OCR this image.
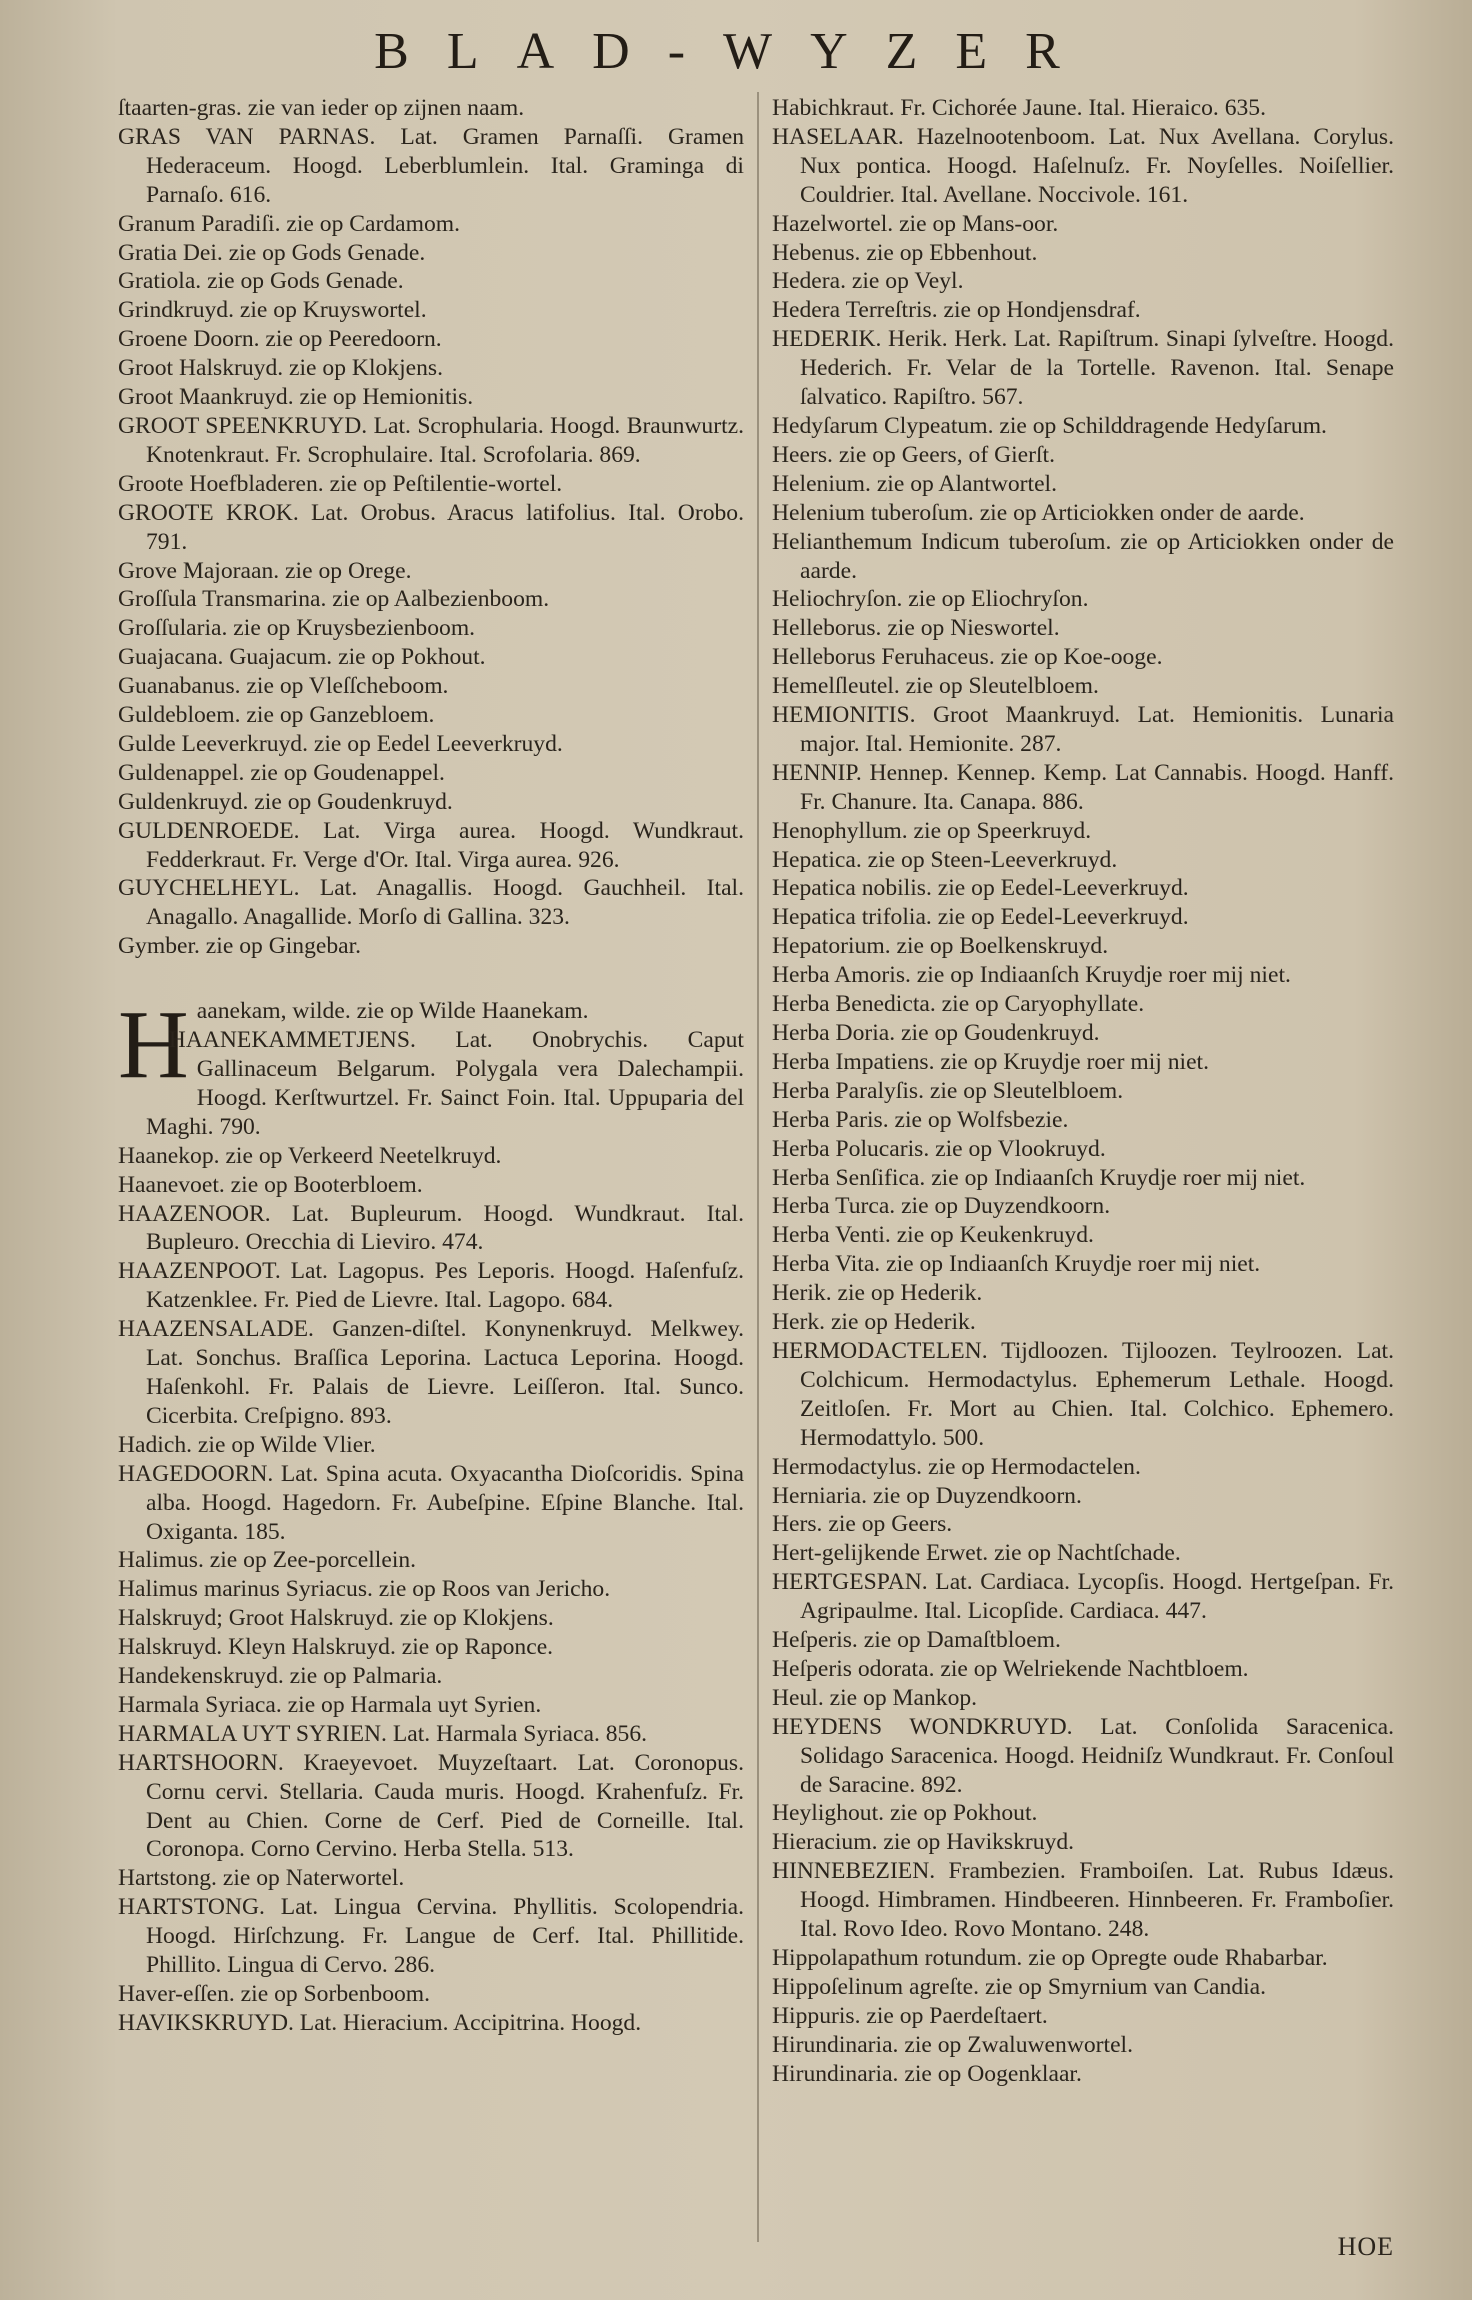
BLAD-WYZER

ſtaarten-gras. zie van ieder op zijnen naam.

GRAS VAN PARNAS. Lat. Gramen Parnaſſi. Gramen Hederaceum. Hoogd. Leberblumlein. Ital. Graminga di Parnaſo. 616.

Granum Paradiſi. zie op Cardamom.

Gratia Dei. zie op Gods Genade.

Gratiola. zie op Gods Genade.

Grindkruyd. zie op Kruyswortel.

Groene Doorn. zie op Peeredoorn.

Groot Halskruyd. zie op Klokjens.

Groot Maankruyd. zie op Hemionitis.

GROOT SPEENKRUYD. Lat. Scrophularia. Hoogd. Braunwurtz. Knotenkraut. Fr. Scrophulaire. Ital. Scrofolaria. 869.

Groote Hoefbladeren. zie op Peſtilentie-wortel.

GROOTE KROK. Lat. Orobus. Aracus latifolius. Ital. Orobo. 791.

Grove Majoraan. zie op Orege.

Groſſula Transmarina. zie op Aalbezienboom.

Groſſularia. zie op Kruysbezienboom.

Guajacana. Guajacum. zie op Pokhout.

Guanabanus. zie op Vleſſcheboom.

Guldebloem. zie op Ganzebloem.

Gulde Leeverkruyd. zie op Eedel Leeverkruyd.

Guldenappel. zie op Goudenappel.

Guldenkruyd. zie op Goudenkruyd.

GULDENROEDE. Lat. Virga aurea. Hoogd. Wundkraut. Fedderkraut. Fr. Verge d'Or. Ital. Virga aurea. 926.

GUYCHELHEYL. Lat. Anagallis. Hoogd. Gauchheil. Ital. Anagallo. Anagallide. Morſo di Gallina. 323.

Gymber. zie op Gingebar.

H aanekam, wilde. zie op Wilde Haanekam.

HAANEKAMMETJENS. Lat. Onobrychis. Caput Gallinaceum Belgarum. Polygala vera Dalechampii. Hoogd. Kerſtwurtzel. Fr. Sainct Foin. Ital. Uppuparia del Maghi. 790.

Haanekop. zie op Verkeerd Neetelkruyd.

Haanevoet. zie op Booterbloem.

HAAZENOOR. Lat. Bupleurum. Hoogd. Wundkraut. Ital. Bupleuro. Orecchia di Lieviro. 474.

HAAZENPOOT. Lat. Lagopus. Pes Leporis. Hoogd. Haſenfuſz. Katzenklee. Fr. Pied de Lievre. Ital. Lagopo. 684.

HAAZENSALADE. Ganzen-diſtel. Konynenkruyd. Melkwey. Lat. Sonchus. Braſſica Leporina. Lactuca Leporina. Hoogd. Haſenkohl. Fr. Palais de Lievre. Leiſſeron. Ital. Sunco. Cicerbita. Creſpigno. 893.

Hadich. zie op Wilde Vlier.

HAGEDOORN. Lat. Spina acuta. Oxyacantha Dioſcoridis. Spina alba. Hoogd. Hagedorn. Fr. Aubeſpine. Eſpine Blanche. Ital. Oxiganta. 185.

Halimus. zie op Zee-porcellein.

Halimus marinus Syriacus. zie op Roos van Jericho.

Halskruyd; Groot Halskruyd. zie op Klokjens.

Halskruyd. Kleyn Halskruyd. zie op Raponce.

Handekenskruyd. zie op Palmaria.

Harmala Syriaca. zie op Harmala uyt Syrien.

HARMALA UYT SYRIEN. Lat. Harmala Syriaca. 856.

HARTSHOORN. Kraeyevoet. Muyzeſtaart. Lat. Coronopus. Cornu cervi. Stellaria. Cauda muris. Hoogd. Krahenfuſz. Fr. Dent au Chien. Corne de Cerf. Pied de Corneille. Ital. Coronopa. Corno Cervino. Herba Stella. 513.

Hartstong. zie op Naterwortel.

HARTSTONG. Lat. Lingua Cervina. Phyllitis. Scolopendria. Hoogd. Hirſchzung. Fr. Langue de Cerf. Ital. Phillitide. Phillito. Lingua di Cervo. 286.

Haver-eſſen. zie op Sorbenboom.

HAVIKSKRUYD. Lat. Hieracium. Accipitrina. Hoogd.

Habichkraut. Fr. Cichorée Jaune. Ital. Hieraico. 635.

HASELAAR. Hazelnootenboom. Lat. Nux Avellana. Corylus. Nux pontica. Hoogd. Haſelnuſz. Fr. Noyſelles. Noiſellier. Couldrier. Ital. Avellane. Noccivole. 161.

Hazelwortel. zie op Mans-oor.

Hebenus. zie op Ebbenhout.

Hedera. zie op Veyl.

Hedera Terreſtris. zie op Hondjensdraf.

HEDERIK. Herik. Herk. Lat. Rapiſtrum. Sinapi ſylveſtre. Hoogd. Hederich. Fr. Velar de la Tortelle. Ravenon. Ital. Senape ſalvatico. Rapiſtro. 567.

Hedyſarum Clypeatum. zie op Schilddragende Hedyſarum.

Heers. zie op Geers, of Gierſt.

Helenium. zie op Alantwortel.

Helenium tuberoſum. zie op Articiokken onder de aarde.

Helianthemum Indicum tuberoſum. zie op Articiokken onder de aarde.

Heliochryſon. zie op Eliochryſon.

Helleborus. zie op Nieswortel.

Helleborus Feruhaceus. zie op Koe-ooge.

Hemelſleutel. zie op Sleutelbloem.

HEMIONITIS. Groot Maankruyd. Lat. Hemionitis. Lunaria major. Ital. Hemionite. 287.

HENNIP. Hennep. Kennep. Kemp. Lat Cannabis. Hoogd. Hanff. Fr. Chanure. Ita. Canapa. 886.

Henophyllum. zie op Speerkruyd.

Hepatica. zie op Steen-Leeverkruyd.

Hepatica nobilis. zie op Eedel-Leeverkruyd.

Hepatica trifolia. zie op Eedel-Leeverkruyd.

Hepatorium. zie op Boelkenskruyd.

Herba Amoris. zie op Indiaanſch Kruydje roer mij niet.

Herba Benedicta. zie op Caryophyllate.

Herba Doria. zie op Goudenkruyd.

Herba Impatiens. zie op Kruydje roer mij niet.

Herba Paralyſis. zie op Sleutelbloem.

Herba Paris. zie op Wolfsbezie.

Herba Polucaris. zie op Vlookruyd.

Herba Senſifica. zie op Indiaanſch Kruydje roer mij niet.

Herba Turca. zie op Duyzendkoorn.

Herba Venti. zie op Keukenkruyd.

Herba Vita. zie op Indiaanſch Kruydje roer mij niet.

Herik. zie op Hederik.

Herk. zie op Hederik.

HERMODACTELEN. Tijdloozen. Tijloozen. Teylroozen. Lat. Colchicum. Hermodactylus. Ephemerum Lethale. Hoogd. Zeitloſen. Fr. Mort au Chien. Ital. Colchico. Ephemero. Hermodattylo. 500.

Hermodactylus. zie op Hermodactelen.

Herniaria. zie op Duyzendkoorn.

Hers. zie op Geers.

Hert-gelijkende Erwet. zie op Nachtſchade.

HERTGESPAN. Lat. Cardiaca. Lycopſis. Hoogd. Hertgeſpan. Fr. Agripaulme. Ital. Licopſide. Cardiaca. 447.

Heſperis. zie op Damaſtbloem.

Heſperis odorata. zie op Welriekende Nachtbloem.

Heul. zie op Mankop.

HEYDENS WONDKRUYD. Lat. Conſolida Saracenica. Solidago Saracenica. Hoogd. Heidniſz Wundkraut. Fr. Conſoul de Saracine. 892.

Heylighout. zie op Pokhout.

Hieracium. zie op Havikskruyd.

HINNEBEZIEN. Frambezien. Framboiſen. Lat. Rubus Idæus. Hoogd. Himbramen. Hindbeeren. Hinnbeeren. Fr. Framboſier. Ital. Rovo Ideo. Rovo Montano. 248.

Hippolapathum rotundum. zie op Opregte oude Rhabarbar.

Hippoſelinum agreſte. zie op Smyrnium van Candia.

Hippuris. zie op Paerdeſtaert.

Hirundinaria. zie op Zwaluwenwortel.

Hirundinaria. zie op Oogenklaar.

HOE
